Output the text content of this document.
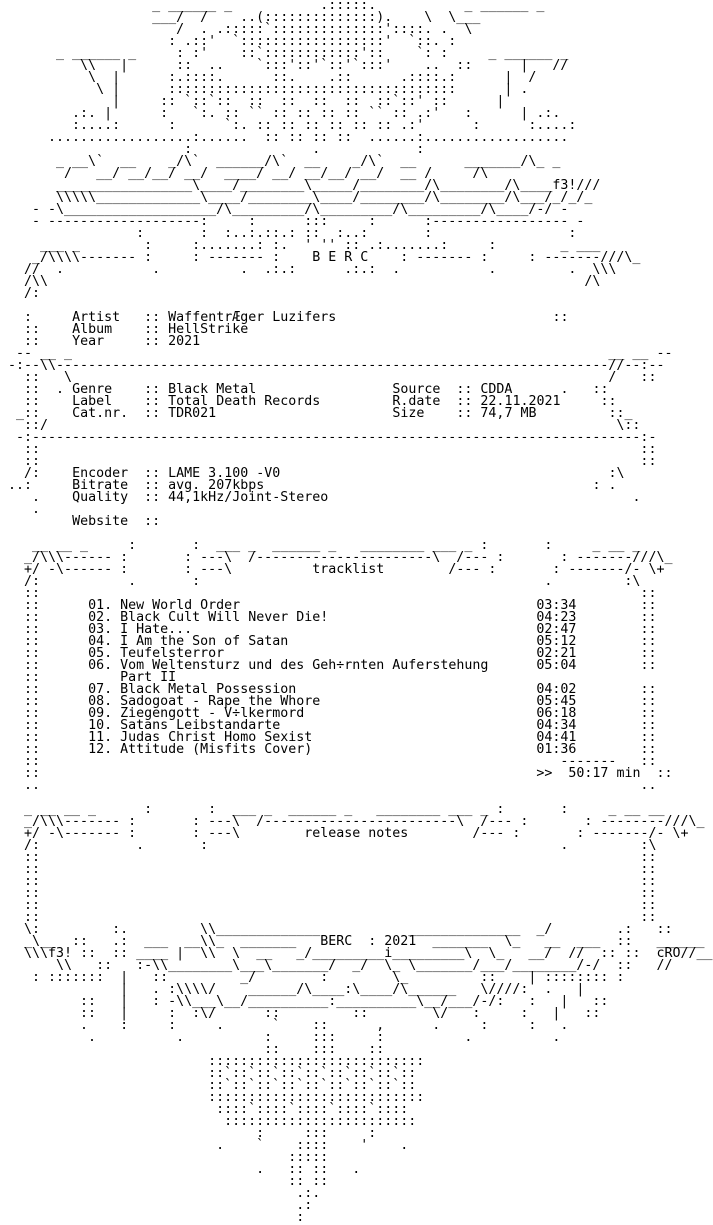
_ ______ _           .:::::.           _ ______ _
___/  /    ..(::::::::::::::).    \  \___
/  . .:::::`::::::::::::::'::::. .  \
: .::'  `::::::::::::::::::'  `::. :
_ ______ _     : :'    ::`::::::::::::'::    `: :     _ ______ _
\\   |      ::  ..    `:::'::'`::'`:::'    ..  ::      |   //
\  |      :.::::.      ::.    .::      .::::.:      |  /
\ |      ::::::::::::::::::::::::::::::::::::      | .
|     :: `::`::  ::  ::  ::  ::  ::`::' ::      |
.:. |      :   `:. :: `` :: :: :: :: `` :: .:'   :      | .:.
:....:      :      `:. :: :: :: :: :: :: .:'      :      :....:
..................:......  :: :: :: ::  ......:..................
:               .            :
_ __\`  __    _/\`  ______/\`  __    _/\`  __      _______/\_ _
/   __/ __/__/ __/  ____/ __/ __/__/ __/  __ /     /\
_________________\____/________\_____/________/\________/\____f3!///
\\\\\_____________\____/________\____/________/\________/\___/_/_/_
- -\___________________/\_________/\_________/\_________/\____/-/ -
- -------------------:     :      :::     :      :----------------- -
:       :  :..:.::.: ::  :..:       :                 :
___ _        :     :.......: :.  ' '' :: .:.......:     :        _ ___
_/\\\\------- :     : ------- :    B E R C    : ------- :     : -------///\_
//  .           .          .  .:.:      .:.:  .           .         .  \\\
/\\                                                                   /\
/:
:     Artist :: WaffentrÆger Luzifers                           ::
::    Album :: HellStrike
::    Year	:: 2021
-- __ _                                                                   __ __ --
-:--\\---------------------------------------------------------------------//--:--
::   \                                                                   /   ::
::  . Genre :: Black Metal	Source :: CDDA      .   ::
::    Label :: Total Death Records	R.date :: 22.11.2021     ::
_::    Cat.nr. :: TDR021	Size :: 74,7 MB         ::_
::/                                                                       \::
-:----------------------------------------------------------------------------:-
::                                                                           ::
::                                                                           ::
/:    Encoder :: LAME 3.100 -V0                                         :\
..:     Bitrate :: avg. 207kbps                                         : .
.    Quality :: 44,1kHz/Joint-Stereo                                      .
.
Website ::
__ __ _     :       :  ___ _  ______ _   ________ ___ _ :       :     _ __ _
_/\\\------ :       : ---\  /----------------------\  /--- :       : -------///\_
+/ -\------ :       : ---\          tracklist        /--- :       : -------/- \+
/:           .       :                                           .         :\
::                                                                           ::
::      01. New World Order	03:34        ::
::      02. Black Cult Will Never Die!	04:23        ::
::      03. I Hate...	02:47        ::
::      04. I Am the Son of Satan	05:12        ::
::      05. Teufelsterror	02:21        ::
::      06. Vom Weltensturz und des Geh÷rnten Auferstehung	05:04        ::
::          Part II
::      07. Black Metal Possession	04:02        ::
::      08. Sadogoat - Rape the Whore	05:45        ::
::      09. Ziegengott - V÷lkermord	06:18        ::
::      10. Satans Leibstandarte	04:34        ::
::      11. Judas Christ Homo Sexist	04:41        ::
::      12. Attitude (Misfits Cover)	01:36        ::
::                                                                 -------   ::
::                                                              >> 50:17 min  ::
..                                                                           ..
_ __ __ _      :       :  ___ _  ______ _   ________ ___ _ :       :     _ __ __
_/\\\------- :       : ---\  /------------------------\  /--- :       : --------///\_
+/ -\------- :       : ---\        release notes        /--- :       : -------/- \+
/:            .       :                                            .         :\
::                                                                           ::
::                                                                           ::
::                                                                           ::
::                                                                           ::
::                                                                           ::
::                                                                           ::
\:         :.         \\_____________           ______________  _/        .:   ::
_\__  ::   .:  ___  __\\_  _______   BERC  : 2021  _______  \_   __  ___  ::   ______
\\\f3! ::  :: ____ |  \\  \  __   _/_________i_________\  \_   __/  //  :: ::  cRO//__
\\   ::   :-\\________\___\_______/  _/  \_ \_______/___/________/-/  ::   //
: :::::::  |   ::         _/        :        \_         ::    | :::::::: :
|   . :\\\\/    ______/\____:\____/\______   \////:  .   |
::   |   : -\\___\__/__________:__________\__/___/-/:   :   |   ::
::   |     :  :\/      ::         ::        \/   :     :   |   ::
.    :     :     .      `    ::      ,      .     :     :   .
.          .          :     :::     :          .          .
::    :::    ::
:::::::::::::::::::::::::::
::`::`::`::`::`::`::`::`::
::`::`::`::`::`::`::`::`::
:::::::::::::::::::::::::::
::::`::::`::::`::::`::::
::::::::::::::::::::::::
:     :::     :
.    `    ::::    '    .
:::::
.   :: ::   .
:: ::
.:.
.:
:
